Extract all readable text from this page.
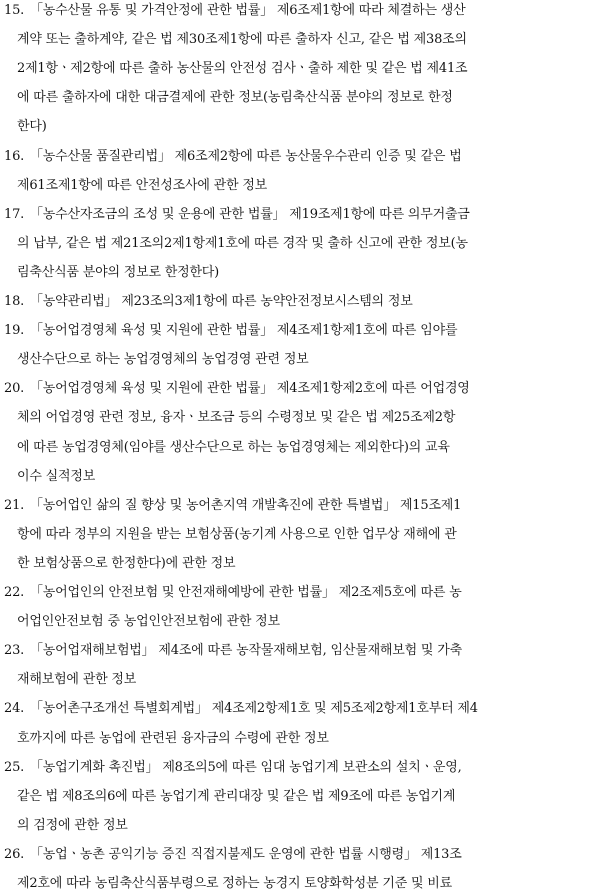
15. 「농수산물 유통 및 가격안정에 관한 법률」 제6조제1항에 따라 체결하는 생산
계약 또는 출하계약, 같은 법 제30조제1항에 따른 출하자 신고, 같은 법 제38조의
2제1항ㆍ제2항에 따른 출하 농산물의 안전성 검사ㆍ출하 제한 및 같은 법 제41조
에 따른 출하자에 대한 대금결제에 관한 정보(농림축산식품 분야의 정보로 한정
한다)
16. 「농수산물 품질관리법」 제6조제2항에 따른 농산물우수관리 인증 및 같은 법
제61조제1항에 따른 안전성조사에 관한 정보
17. 「농수산자조금의 조성 및 운용에 관한 법률」 제19조제1항에 따른 의무거출금
의 납부, 같은 법 제21조의2제1항제1호에 따른 경작 및 출하 신고에 관한 정보(농
림축산식품 분야의 정보로 한정한다)
18. 「농약관리법」 제23조의3제1항에 따른 농약안전정보시스템의 정보
19. 「농어업경영체 육성 및 지원에 관한 법률」 제4조제1항제1호에 따른 임야를
생산수단으로 하는 농업경영체의 농업경영 관련 정보
20. 「농어업경영체 육성 및 지원에 관한 법률」 제4조제1항제2호에 따른 어업경영
체의 어업경영 관련 정보, 융자ㆍ보조금 등의 수령정보 및 같은 법 제25조제2항
에 따른 농업경영체(임야를 생산수단으로 하는 농업경영체는 제외한다)의 교육
이수 실적정보
21. 「농어업인 삶의 질 향상 및 농어촌지역 개발촉진에 관한 특별법」 제15조제1
항에 따라 정부의 지원을 받는 보험상품(농기계 사용으로 인한 업무상 재해에 관
한 보험상품으로 한정한다)에 관한 정보
22. 「농어업인의 안전보험 및 안전재해예방에 관한 법률」 제2조제5호에 따른 농
어업인안전보험 중 농업인안전보험에 관한 정보
23. 「농어업재해보험법」 제4조에 따른 농작물재해보험, 임산물재해보험 및 가축
재해보험에 관한 정보
24. 「농어촌구조개선 특별회계법」 제4조제2항제1호 및 제5조제2항제1호부터 제4
호까지에 따른 농업에 관련된 융자금의 수령에 관한 정보
25. 「농업기계화 촉진법」 제8조의5에 따른 임대 농업기계 보관소의 설치ㆍ운영,
같은 법 제8조의6에 따른 농업기계 관리대장 및 같은 법 제9조에 따른 농업기계
의 검정에 관한 정보
26. 「농업ㆍ농촌 공익기능 증진 직접지불제도 운영에 관한 법률 시행령」 제13조
제2호에 따라 농림축산식품부령으로 정하는 농경지 토양화학성분 기준 및 비료
